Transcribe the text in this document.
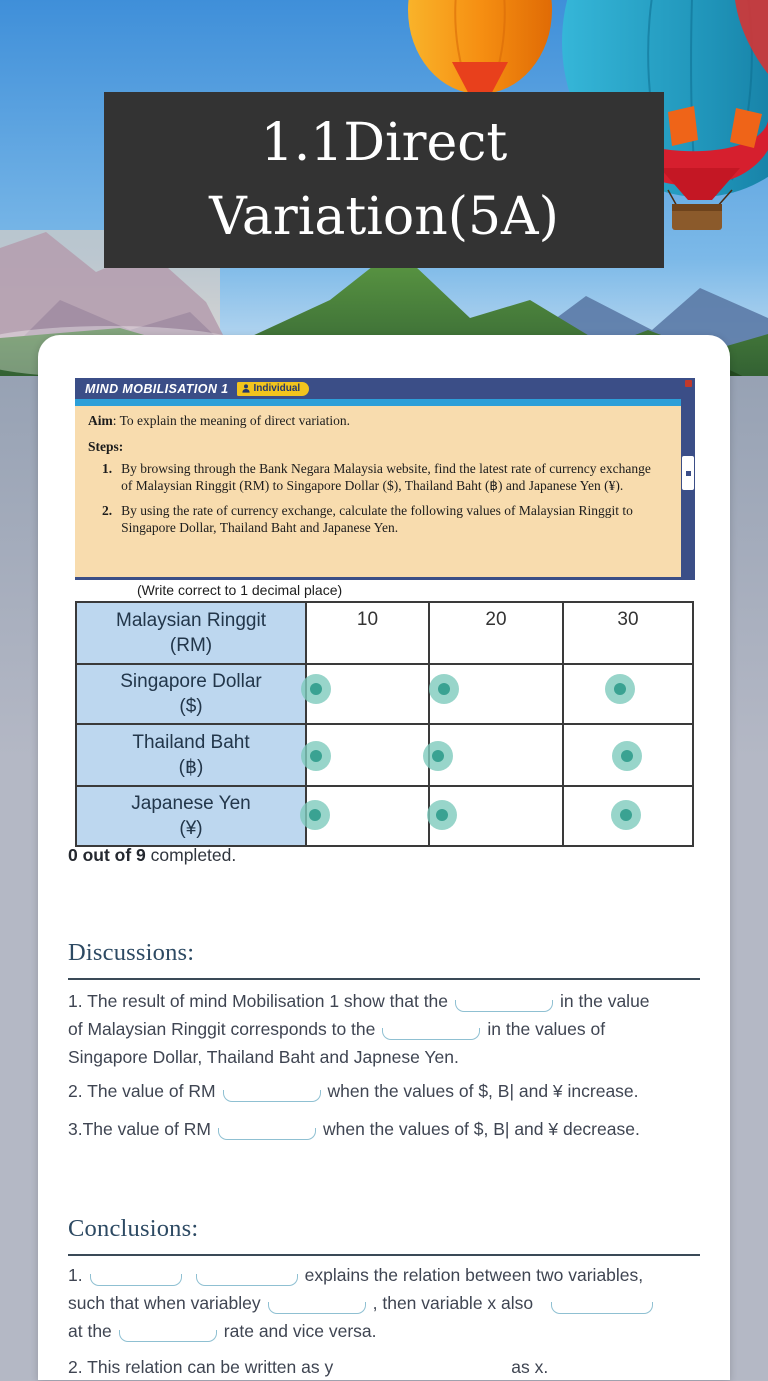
1.1Direct
Variation(5A)
MIND MOBILISATION 1	Individual

Aim: To explain the meaning of direct variation.

Steps:

1. By browsing through the Bank Negara Malaysia website, find the latest rate of currency exchange of Malaysian Ringgit (RM) to Singapore Dollar ($), Thailand Baht (฿) and Japanese Yen (¥).
2. By using the rate of currency exchange, calculate the following values of Malaysian Ringgit to Singapore Dollar, Thailand Baht and Japanese Yen.
(Write correct to 1 decimal place)
Malaysian Ringgit
(RM)	10	20	30

Singapore Dollar
($)			

Thailand Baht
(฿)			

Japanese Yen
(¥)			

0 out of 9 completed.
Discussions:
1. The result of mind Mobilisation 1 show that the	in the value
of Malaysian Ringgit corresponds to the	in the values of
Singapore Dollar, Thailand Baht and Japnese Yen.
2. The value of RM	when the values of $, B| and ¥ increase.
3.The value of RM	when the values of $, B| and ¥ decrease.
Conclusions:
1.	explains the relation between two variables,
such that when variabley	, then variable x also
at the	rate and vice versa.
2. This relation can be written as y	as x.
